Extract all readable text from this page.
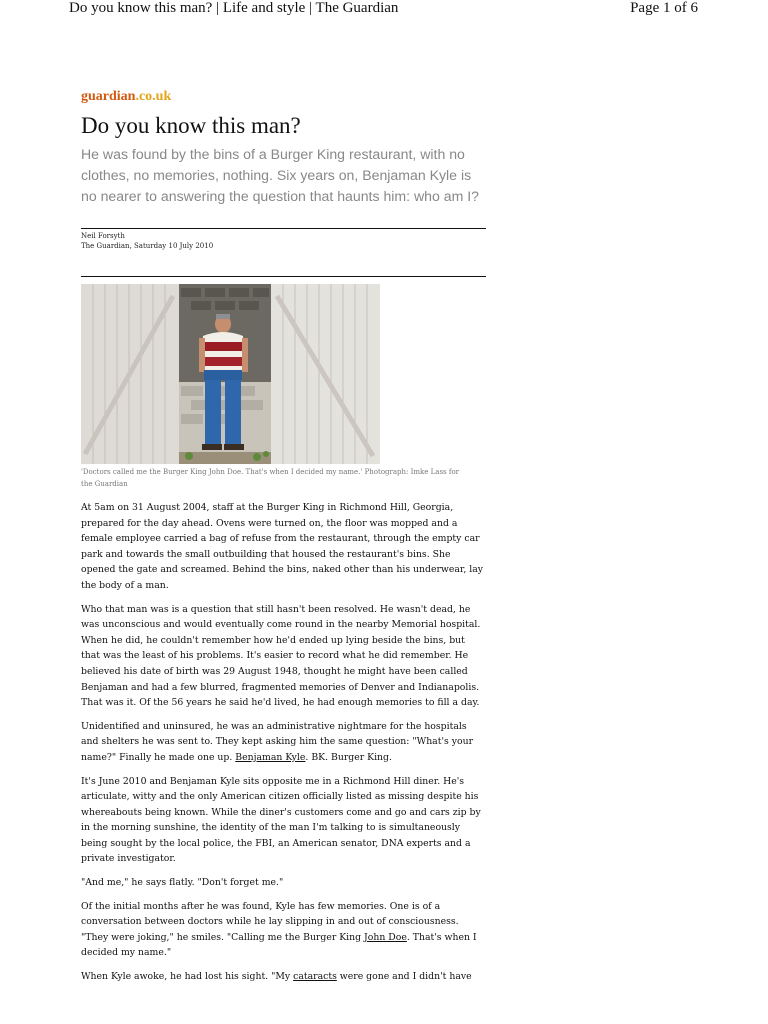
Do you know this man? | Life and style | The Guardian	Page 1 of 6
guardian.co.uk
Do you know this man?
He was found by the bins of a Burger King restaurant, with no clothes, no memories, nothing. Six years on, Benjaman Kyle is no nearer to answering the question that haunts him: who am I?
Neil Forsyth
The Guardian, Saturday 10 July 2010
'Doctors called me the Burger King John Doe. That's when I decided my name.' Photograph: Imke Lass for the Guardian

At 5am on 31 August 2004, staff at the Burger King in Richmond Hill, Georgia, prepared for the day ahead. Ovens were turned on, the floor was mopped and a female employee carried a bag of refuse from the restaurant, through the empty car park and towards the small outbuilding that housed the restaurant's bins. She opened the gate and screamed. Behind the bins, naked other than his underwear, lay the body of a man.

Who that man was is a question that still hasn't been resolved. He wasn't dead, he was unconscious and would eventually come round in the nearby Memorial hospital. When he did, he couldn't remember how he'd ended up lying beside the bins, but that was the least of his problems. It's easier to record what he did remember. He believed his date of birth was 29 August 1948, thought he might have been called Benjaman and had a few blurred, fragmented memories of Denver and Indianapolis. That was it. Of the 56 years he said he'd lived, he had enough memories to fill a day.

Unidentified and uninsured, he was an administrative nightmare for the hospitals and shelters he was sent to. They kept asking him the same question: "What's your name?" Finally he made one up. Benjaman Kyle. BK. Burger King.

It's June 2010 and Benjaman Kyle sits opposite me in a Richmond Hill diner. He's articulate, witty and the only American citizen officially listed as missing despite his whereabouts being known. While the diner's customers come and go and cars zip by in the morning sunshine, the identity of the man I'm talking to is simultaneously being sought by the local police, the FBI, an American senator, DNA experts and a private investigator.

"And me," he says flatly. "Don't forget me."

Of the initial months after he was found, Kyle has few memories. One is of a conversation between doctors while he lay slipping in and out of consciousness. "They were joking," he smiles. "Calling me the Burger King John Doe. That's when I decided my name."

When Kyle awoke, he had lost his sight. "My cataracts were gone and I didn't have
